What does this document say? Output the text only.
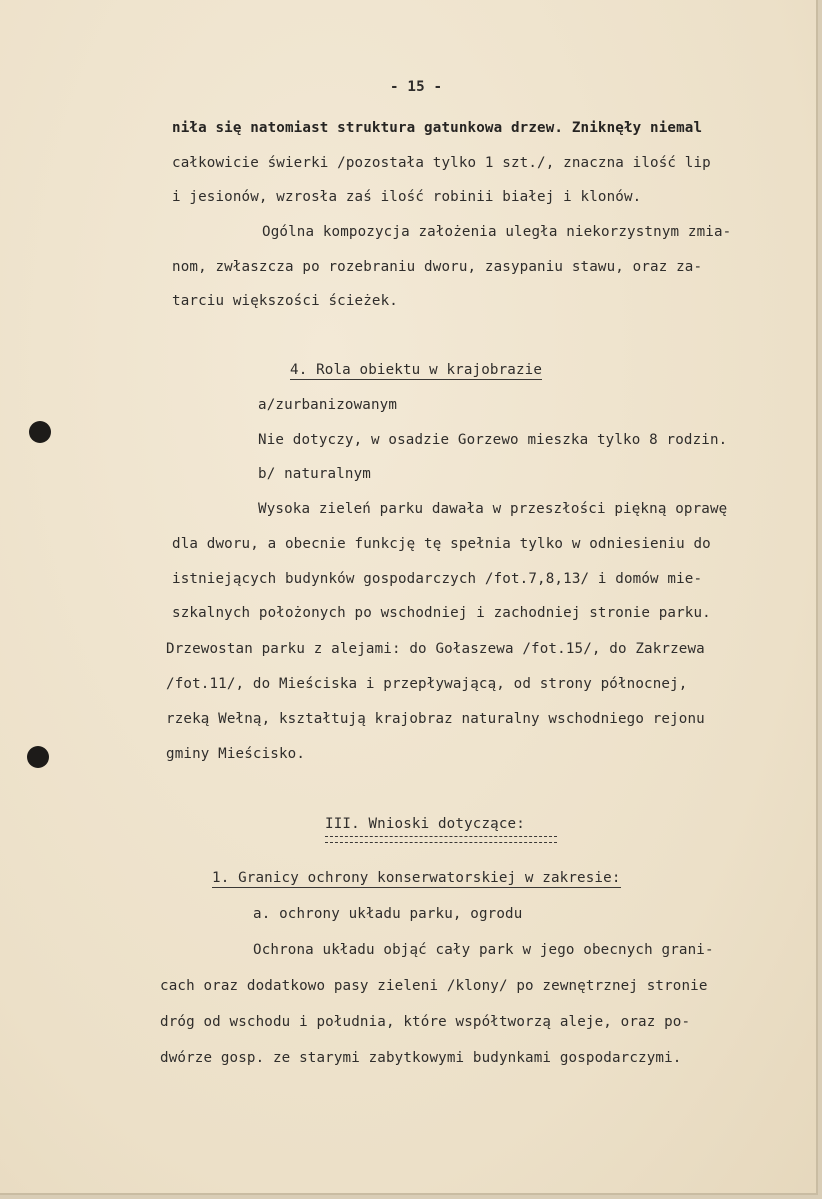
- 15 -
niła się natomiast struktura gatunkowa drzew. Zniknęły niemal
całkowicie świerki /pozostała tylko 1 szt./, znaczna ilość lip
i jesionów, wzrosła zaś ilość robinii białej i klonów.
Ogólna kompozycja założenia uległa niekorzystnym zmia-
nom, zwłaszcza po rozebraniu dworu, zasypaniu stawu, oraz za-
tarciu większości ścieżek.
4. Rola obiektu w krajobrazie
a/zurbanizowanym
Nie dotyczy, w osadzie Gorzewo mieszka tylko 8 rodzin.
b/ naturalnym
Wysoka zieleń parku dawała w przeszłości piękną oprawę
dla dworu, a obecnie funkcję tę spełnia tylko w odniesieniu do
istniejących budynków gospodarczych /fot.7,8,13/ i domów mie-
szkalnych położonych po wschodniej i zachodniej stronie parku.
Drzewostan parku z alejami: do Gołaszewa /fot.15/, do Zakrzewa
/fot.11/, do Mieściska i przepływającą, od strony północnej,
rzeką Wełną, kształtują krajobraz naturalny wschodniego rejonu
gminy Mieścisko.
III. Wnioski dotyczące:
1. Granicy ochrony konserwatorskiej w zakresie:
a. ochrony układu parku, ogrodu
Ochrona układu objąć cały park w jego obecnych grani-
cach oraz dodatkowo pasy zieleni /klony/ po zewnętrznej stronie
dróg od wschodu i południa, które współtworzą aleje, oraz po-
dwórze gosp. ze starymi zabytkowymi budynkami gospodarczymi.
